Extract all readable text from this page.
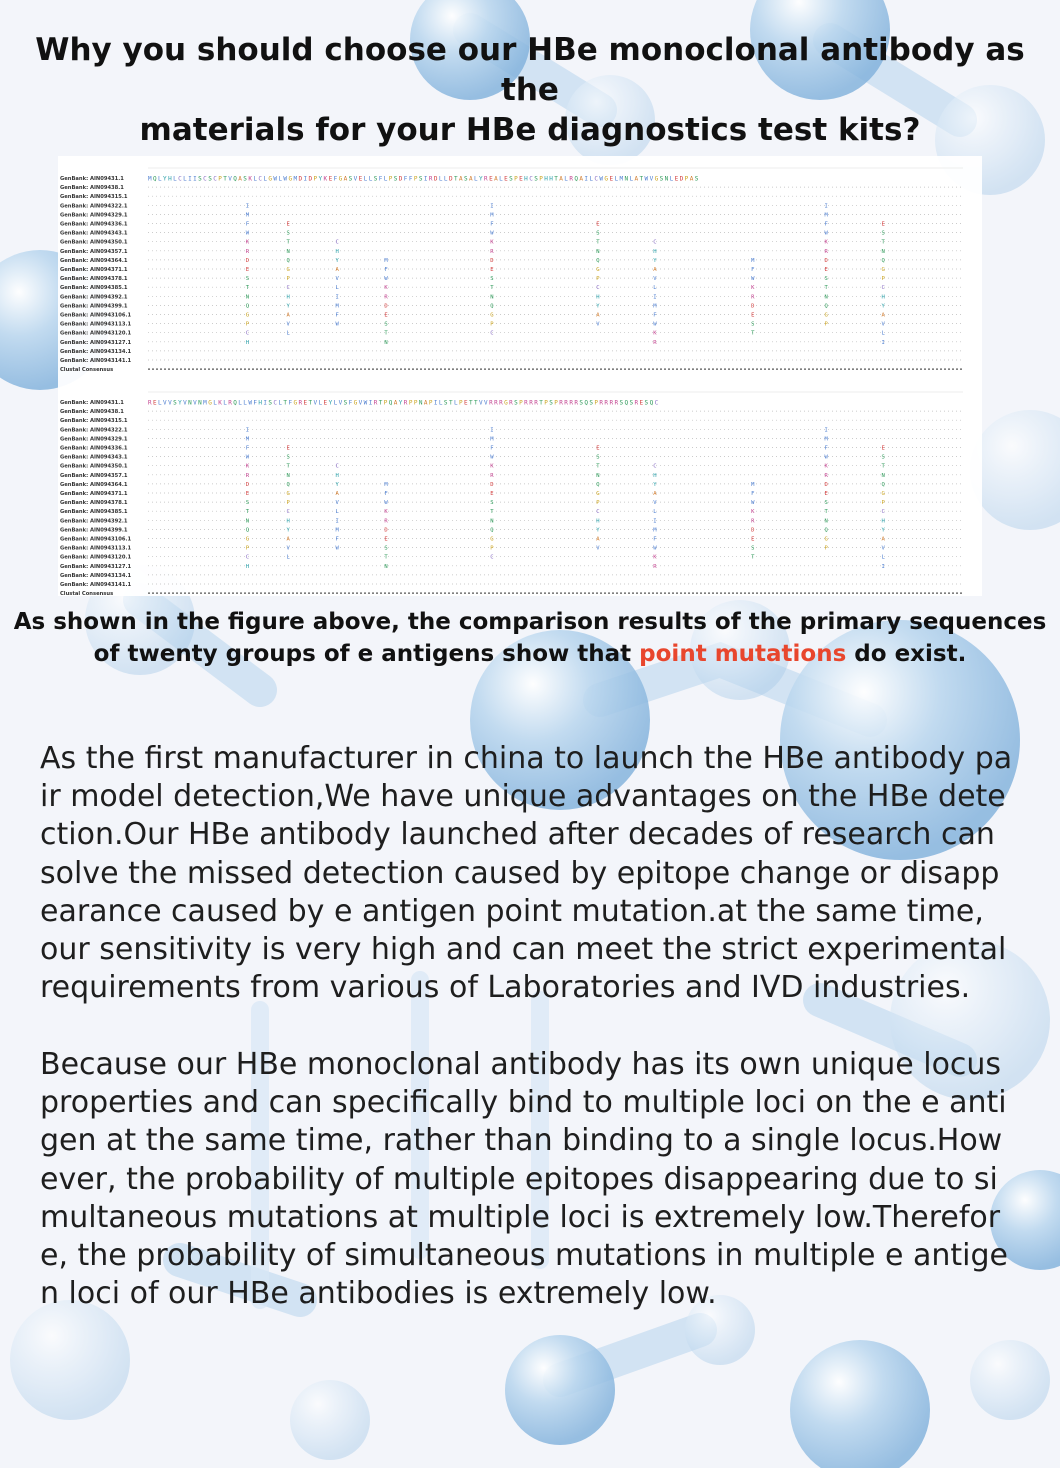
Why you should choose our HBe monoclonal antibody as the
materials for your HBe diagnostics test kits?
GenBank: AIN09431.1	MQLYHLCLIISCSCPTVQASKLCLGWLWGMDIDPYKEFGASVELLSFLPSDFFPSIRDLLDTASALYREALESPEHCSPHHTALRQAILCWGELMNLATWVGSNLEDPAS
GenBank: AIN09438.1
GenBank: AIN094315.1
GenBank: AIN094322.1
GenBank: AIN094329.1
GenBank: AIN094336.1
GenBank: AIN094343.1
GenBank: AIN094350.1
GenBank: AIN094357.1
GenBank: AIN094364.1
GenBank: AIN094371.1
GenBank: AIN094378.1
GenBank: AIN094385.1
GenBank: AIN094392.1
GenBank: AIN094399.1
GenBank: AIN0943106.1
GenBank: AIN0943113.1
GenBank: AIN0943120.1
GenBank: AIN0943127.1
GenBank: AIN0943134.1
GenBank: AIN0943141.1
Clustal Consensus
I
M
F
W
K
R
D
E
S
T
N
Q
G
P
C
H
E
S
T
N
Q
G
P
C
H
Y
A
V
L
C
H
Y
A
V
L
I
M
F
W
M
F
W
K
R
D
E
S
T
N
I
M
F
W
K
R
D
E
S
T
N
Q
G
P
C
E
S
T
N
Q
G
P
C
H
Y
A
V
C
H
Y
A
V
L
I
M
F
W
K
R
M
F
W
K
R
D
E
S
T
I
M
F
W
K
R
D
E
S
T
N
Q
G
P
E
S
T
N
Q
G
P
C
H
Y
A
V
L
I
GenBank: AIN09431.1	RELVVSYVNVNMGLKLRQLLWFHISCLTFGRETVLEYLVSFGVWIRTPQAYRPPNAPILSTLPETTVVRRRGRSPRRRTPSPRRRRSQSPRRRRSQSRESQC
GenBank: AIN09438.1
GenBank: AIN094315.1
GenBank: AIN094322.1
GenBank: AIN094329.1
GenBank: AIN094336.1
GenBank: AIN094343.1
GenBank: AIN094350.1
GenBank: AIN094357.1
GenBank: AIN094364.1
GenBank: AIN094371.1
GenBank: AIN094378.1
GenBank: AIN094385.1
GenBank: AIN094392.1
GenBank: AIN094399.1
GenBank: AIN0943106.1
GenBank: AIN0943113.1
GenBank: AIN0943120.1
GenBank: AIN0943127.1
GenBank: AIN0943134.1
GenBank: AIN0943141.1
Clustal Consensus
I
M
F
W
K
R
D
E
S
T
N
Q
G
P
C
H
E
S
T
N
Q
G
P
C
H
Y
A
V
L
C
H
Y
A
V
L
I
M
F
W
M
F
W
K
R
D
E
S
T
N
I
M
F
W
K
R
D
E
S
T
N
Q
G
P
C
E
S
T
N
Q
G
P
C
H
Y
A
V
C
H
Y
A
V
L
I
M
F
W
K
R
M
F
W
K
R
D
E
S
T
I
M
F
W
K
R
D
E
S
T
N
Q
G
P
E
S
T
N
Q
G
P
C
H
Y
A
V
L
I
As shown in the figure above, the comparison results of the primary sequences
of twenty groups of e antigens show that point mutations do exist.
As the first manufacturer in china to launch the HBe antibody pa
ir model detection,We have unique advantages on the HBe dete
ction.Our HBe antibody launched after decades of research can
solve the missed detection caused by epitope change or disapp
earance caused by e antigen point mutation.at the same time,
our sensitivity is very high and can meet the strict experimental
requirements from various of Laboratories and IVD industries.
Because our HBe monoclonal antibody has its own unique locus
properties and can specifically bind to multiple loci on the e anti
gen at the same time, rather than binding to a single locus.How
ever, the probability of multiple epitopes disappearing due to si
multaneous mutations at multiple loci is extremely low.Therefor
e, the probability of simultaneous mutations in multiple e antige
n loci of our HBe antibodies is extremely low.
